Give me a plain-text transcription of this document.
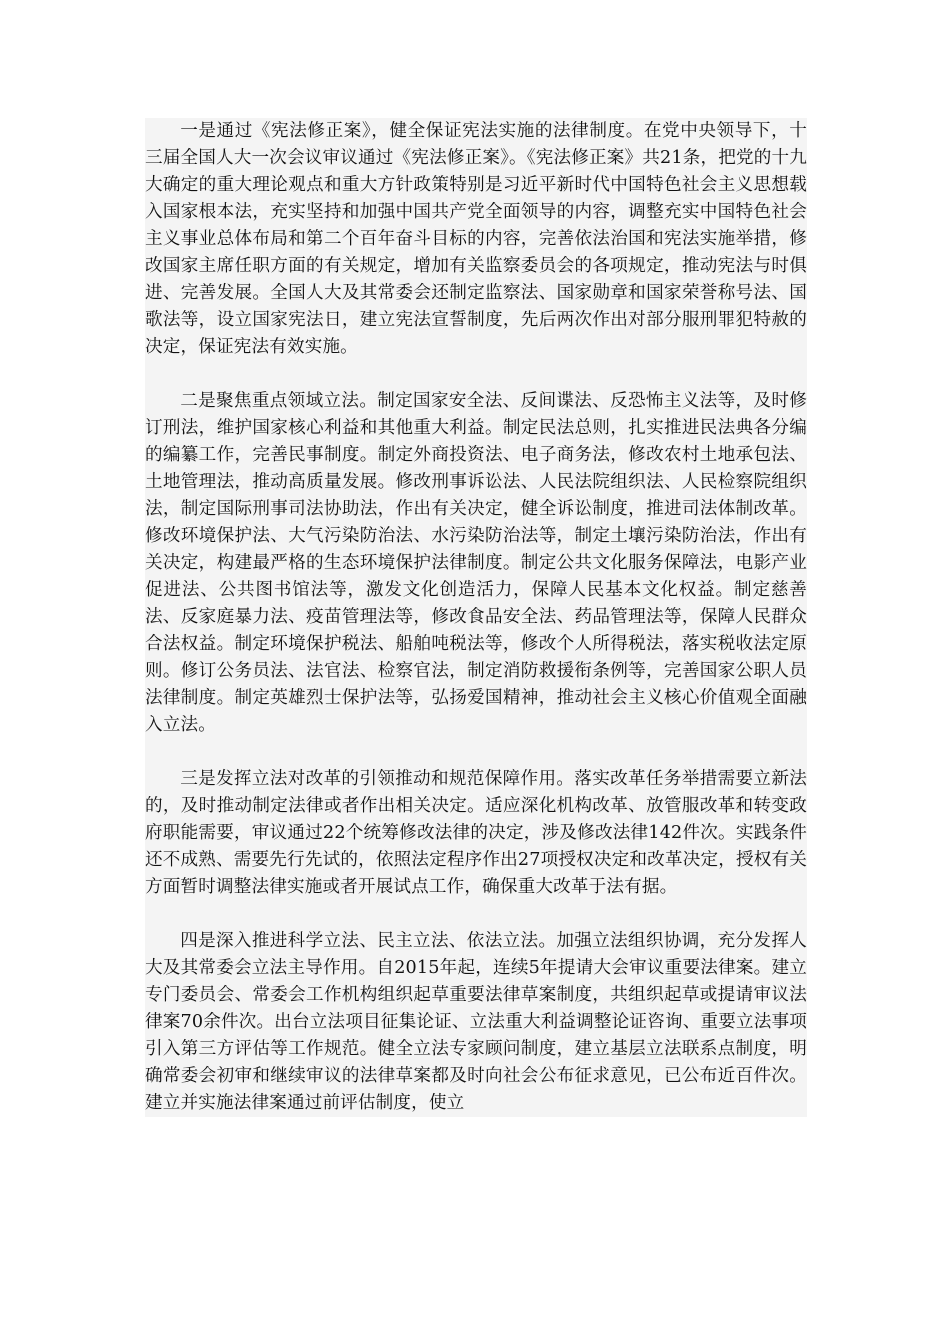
一是通过《宪法修正案》，健全保证宪法实施的法律制度。在党中央领导下，十三届全国人大一次会议审议通过《宪法修正案》。《宪法修正案》共21条，把党的十九大确定的重大理论观点和重大方针政策特别是习近平新时代中国特色社会主义思想载入国家根本法，充实坚持和加强中国共产党全面领导的内容，调整充实中国特色社会主义事业总体布局和第二个百年奋斗目标的内容，完善依法治国和宪法实施举措，修改国家主席任职方面的有关规定，增加有关监察委员会的各项规定，推动宪法与时俱进、完善发展。全国人大及其常委会还制定监察法、国家勋章和国家荣誉称号法、国歌法等，设立国家宪法日，建立宪法宣誓制度，先后两次作出对部分服刑罪犯特赦的决定，保证宪法有效实施。

二是聚焦重点领域立法。制定国家安全法、反间谍法、反恐怖主义法等，及时修订刑法，维护国家核心利益和其他重大利益。制定民法总则，扎实推进民法典各分编的编纂工作，完善民事制度。制定外商投资法、电子商务法，修改农村土地承包法、土地管理法，推动高质量发展。修改刑事诉讼法、人民法院组织法、人民检察院组织法，制定国际刑事司法协助法，作出有关决定，健全诉讼制度，推进司法体制改革。修改环境保护法、大气污染防治法、水污染防治法等，制定土壤污染防治法，作出有关决定，构建最严格的生态环境保护法律制度。制定公共文化服务保障法，电影产业促进法、公共图书馆法等，激发文化创造活力，保障人民基本文化权益。制定慈善法、反家庭暴力法、疫苗管理法等，修改食品安全法、药品管理法等，保障人民群众合法权益。制定环境保护税法、船舶吨税法等，修改个人所得税法，落实税收法定原则。修订公务员法、法官法、检察官法，制定消防救援衔条例等，完善国家公职人员法律制度。制定英雄烈士保护法等，弘扬爱国精神，推动社会主义核心价值观全面融入立法。

三是发挥立法对改革的引领推动和规范保障作用。落实改革任务举措需要立新法的，及时推动制定法律或者作出相关决定。适应深化机构改革、放管服改革和转变政府职能需要，审议通过22个统筹修改法律的决定，涉及修改法律142件次。实践条件还不成熟、需要先行先试的，依照法定程序作出27项授权决定和改革决定，授权有关方面暂时调整法律实施或者开展试点工作，确保重大改革于法有据。

四是深入推进科学立法、民主立法、依法立法。加强立法组织协调，充分发挥人大及其常委会立法主导作用。自2015年起，连续5年提请大会审议重要法律案。建立专门委员会、常委会工作机构组织起草重要法律草案制度，共组织起草或提请审议法律案70余件次。出台立法项目征集论证、立法重大利益调整论证咨询、重要立法事项引入第三方评估等工作规范。健全立法专家顾问制度，建立基层立法联系点制度，明确常委会初审和继续审议的法律草案都及时向社会公布征求意见，已公布近百件次。建立并实施法律案通过前评估制度，使立
